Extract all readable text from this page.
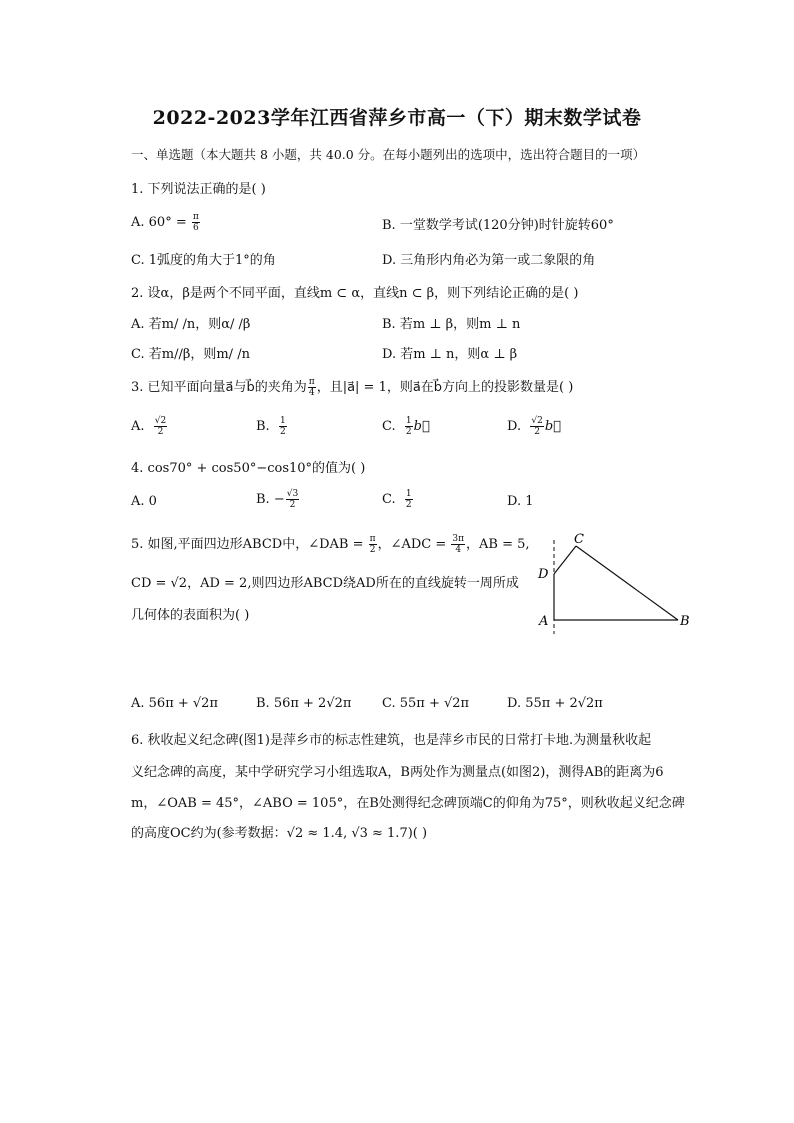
2022-2023学年江西省萍乡市高一（下）期末数学试卷
一、单选题（本大题共 8 小题，共 40.0 分。在每小题列出的选项中，选出符合题目的一项）
1. 下列说法正确的是( )
A. $60^\circ = \frac{\pi}{6}$	B. 一堂数学考试(120分钟)时针旋转60°
C. 1弧度的角大于1°的角	D. 三角形内角必为第一或二象限的角
2. 设α，β是两个不同平面，直线m ⊂ α，直线n ⊂ β，则下列结论正确的是( )
A. 若m/ /n，则α/ /β	B. 若m ⊥ β，则m ⊥ n
C. 若m//β，则m/ /n	D. 若m ⊥ n，则α ⊥ β
3. 已知平面向量a⃗与b⃗的夹角为 $\frac{\pi}{4}$ ，且|a⃗| = 1，则a⃗在b⃗方向上的投影数量是( )
A. $\frac{√2}{2}$	B. $\frac{1}{2}$	C. $\frac{1}{2}$ b⃗	D. $\frac{√2}{2}$ b⃗
4. cos70° + cos50°−cos10°的值为( )
A. 0	B. − $\frac{√3}{2}$	C. $\frac{1}{2}$	D. 1
5. 如图,平面四边形ABCD中，∠DAB = $\frac{\pi}{2}$ ，∠ADC = $\frac{3\pi}{4}$ ，AB = 5,
CD = √2，AD = 2,则四边形ABCD绕AD所在的直线旋转一周所成
几何体的表面积为( )
C
D
A	B
A. 56π + √2π	B. 56π + 2√2π C. 55π + √2π	D. 55π + 2√2π
6. 秋收起义纪念碑(图1)是萍乡市的标志性建筑，也是萍乡市民的日常打卡地.为测量秋收起
义纪念碑的高度，某中学研究学习小组选取A，B两处作为测量点(如图2)，测得AB的距离为6
m，∠OAB = 45°，∠ABO = 105°，在B处测得纪念碑顶端C的仰角为75°，则秋收起义纪念碑
的高度OC约为(参考数据：√2 ≈ 1.4, √3 ≈ 1.7)( )
